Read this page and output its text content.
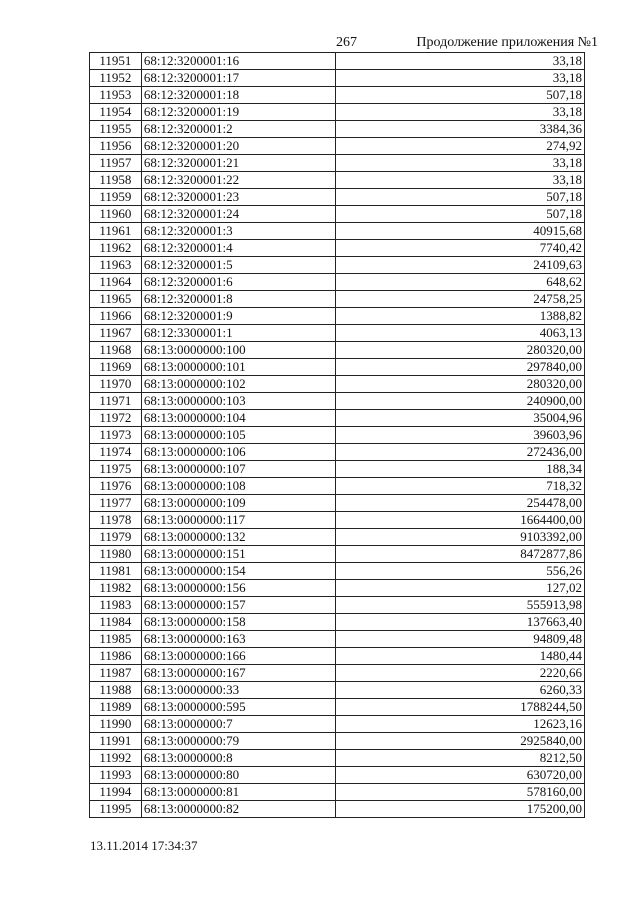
267	Продолжение приложения №1
11951	68:12:3200001:16	33,18
11952	68:12:3200001:17	33,18
11953	68:12:3200001:18	507,18
11954	68:12:3200001:19	33,18
11955	68:12:3200001:2	3384,36
11956	68:12:3200001:20	274,92
11957	68:12:3200001:21	33,18
11958	68:12:3200001:22	33,18
11959	68:12:3200001:23	507,18
11960	68:12:3200001:24	507,18
11961	68:12:3200001:3	40915,68
11962	68:12:3200001:4	7740,42
11963	68:12:3200001:5	24109,63
11964	68:12:3200001:6	648,62
11965	68:12:3200001:8	24758,25
11966	68:12:3200001:9	1388,82
11967	68:12:3300001:1	4063,13
11968	68:13:0000000:100	280320,00
11969	68:13:0000000:101	297840,00
11970	68:13:0000000:102	280320,00
11971	68:13:0000000:103	240900,00
11972	68:13:0000000:104	35004,96
11973	68:13:0000000:105	39603,96
11974	68:13:0000000:106	272436,00
11975	68:13:0000000:107	188,34
11976	68:13:0000000:108	718,32
11977	68:13:0000000:109	254478,00
11978	68:13:0000000:117	1664400,00
11979	68:13:0000000:132	9103392,00
11980	68:13:0000000:151	8472877,86
11981	68:13:0000000:154	556,26
11982	68:13:0000000:156	127,02
11983	68:13:0000000:157	555913,98
11984	68:13:0000000:158	137663,40
11985	68:13:0000000:163	94809,48
11986	68:13:0000000:166	1480,44
11987	68:13:0000000:167	2220,66
11988	68:13:0000000:33	6260,33
11989	68:13:0000000:595	1788244,50
11990	68:13:0000000:7	12623,16
11991	68:13:0000000:79	2925840,00
11992	68:13:0000000:8	8212,50
11993	68:13:0000000:80	630720,00
11994	68:13:0000000:81	578160,00
11995	68:13:0000000:82	175200,00
13.11.2014 17:34:37
